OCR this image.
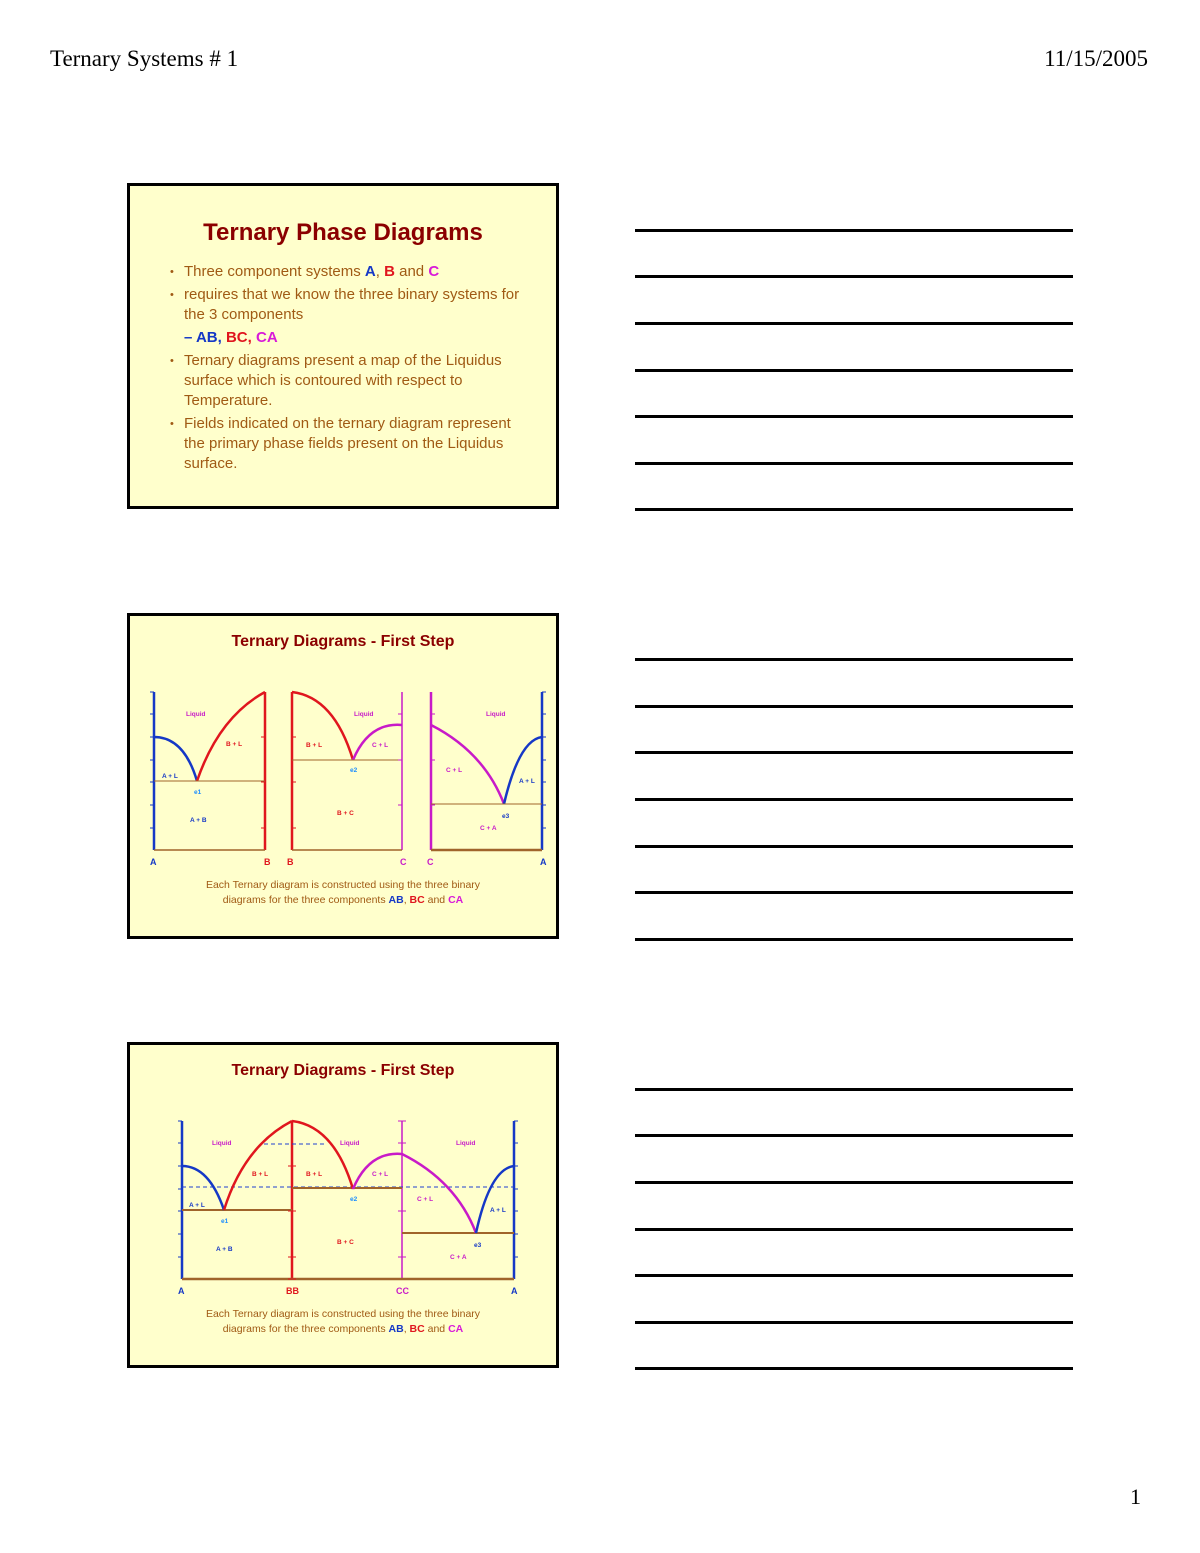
Ternary Systems # 1	11/15/2005
Ternary Phase Diagrams
• Three component systems A, B and C
• requires that we know the three binary systems for the 3 components
– AB, BC, CA
• Ternary diagrams present a map of the Liquidus surface which is contoured with respect to Temperature.
• Fields indicated on the ternary diagram represent the primary phase fields present on the Liquidus surface.
Ternary Diagrams - First Step
Liquid	Liquid	Liquid
A + L
B + L
A + B
B + L	C + L
B + C
C + L
A + L
C + A
e1
e2
e3
A	B B	C C	A
Each Ternary diagram is constructed using the three binary
diagrams for the three components AB, BC and CA
Ternary Diagrams - First Step
Liquid	Liquid	Liquid
A + L
B + L
A + B
B + L	C + L
B + C
C + L
A + L
C + A
e1
e2
e3
A	BB	CC	A
Each Ternary diagram is constructed using the three binary
diagrams for the three components AB, BC and CA
1
